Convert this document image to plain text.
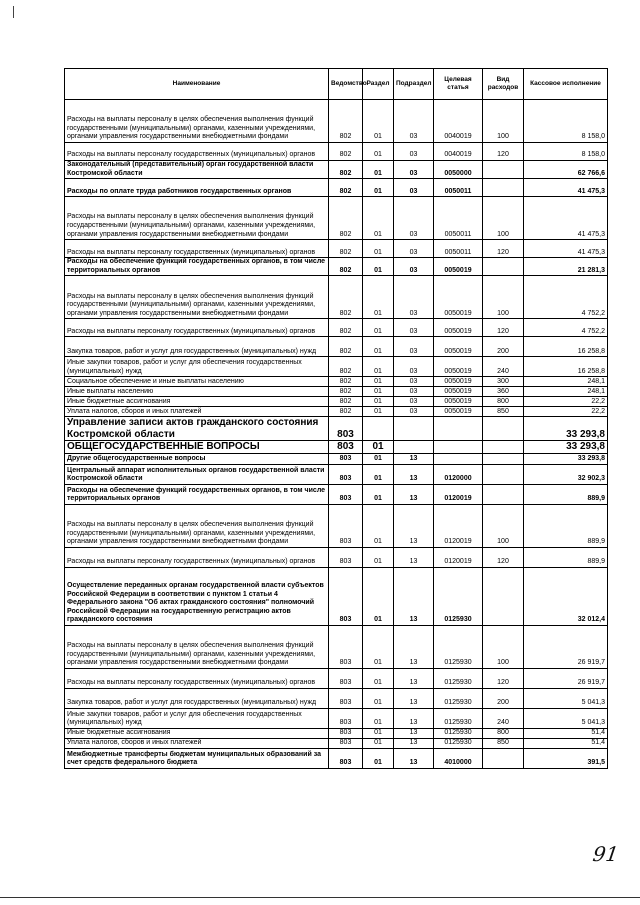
Наименование	Ведомство	Раздел	Подраздел	Целевая статья	Вид расходов	Кассовое исполнение
Расходы на выплаты персоналу в целях обеспечения выполнения функций государственными (муниципальными) органами, казенными учреждениями, органами управления государственными внебюджетными фондами	802	01	03	0040019	100	8 158,0
Расходы на выплаты персоналу государственных (муниципальных) органов	802	01	03	0040019	120	8 158,0
Законодательный (представительный) орган государственной власти Костромской области	802	01	03	0050000		62 766,6
Расходы по оплате труда работников государственных органов	802	01	03	0050011		41 475,3
Расходы на выплаты персоналу в целях обеспечения выполнения функций государственными (муниципальными) органами, казенными учреждениями, органами управления государственными внебюджетными фондами	802	01	03	0050011	100	41 475,3
Расходы на выплаты персоналу государственных (муниципальных) органов	802	01	03	0050011	120	41 475,3
Расходы на обеспечение функций государственных органов, в том числе территориальных органов	802	01	03	0050019		21 281,3
Расходы на выплаты персоналу в целях обеспечения выполнения функций государственными (муниципальными) органами, казенными учреждениями, органами управления государственными внебюджетными фондами	802	01	03	0050019	100	4 752,2
Расходы на выплаты персоналу государственных (муниципальных) органов	802	01	03	0050019	120	4 752,2
Закупка товаров, работ и услуг для государственных (муниципальных) нужд	802	01	03	0050019	200	16 258,8
Иные закупки товаров, работ и услуг для обеспечения государственных (муниципальных) нужд	802	01	03	0050019	240	16 258,8
Социальное обеспечение и иные выплаты населению	802	01	03	0050019	300	248,1
Иные выплаты населению	802	01	03	0050019	360	248,1
Иные бюджетные ассигнования	802	01	03	0050019	800	22,2
Уплата налогов, сборов и иных платежей	802	01	03	0050019	850	22,2
Управление записи актов гражданского состояния Костромской области	803					33 293,8
ОБЩЕГОСУДАРСТВЕННЫЕ ВОПРОСЫ	803	01				33 293,8
Другие общегосударственные вопросы	803	01	13			33 293,8
Центральный аппарат исполнительных органов государственной власти Костромской области	803	01	13	0120000		32 902,3
Расходы на обеспечение функций государственных органов, в том числе территориальных органов	803	01	13	0120019		889,9
Расходы на выплаты персоналу в целях обеспечения выполнения функций государственными (муниципальными) органами, казенными учреждениями, органами управления государственными внебюджетными фондами	803	01	13	0120019	100	889,9
Расходы на выплаты персоналу государственных (муниципальных) органов	803	01	13	0120019	120	889,9
Осуществление переданных органам государственной власти субъектов Российской Федерации в соответствии с пунктом 1 статьи 4 Федерального закона "Об актах гражданского состояния" полномочий Российской Федерации на государственную регистрацию актов гражданского состояния	803	01	13	0125930		32 012,4
Расходы на выплаты персоналу в целях обеспечения выполнения функций государственными (муниципальными) органами, казенными учреждениями, органами управления государственными внебюджетными фондами	803	01	13	0125930	100	26 919,7
Расходы на выплаты персоналу государственных (муниципальных) органов	803	01	13	0125930	120	26 919,7
Закупка товаров, работ и услуг для государственных (муниципальных) нужд	803	01	13	0125930	200	5 041,3
Иные закупки товаров, работ и услуг для обеспечения государственных (муниципальных) нужд	803	01	13	0125930	240	5 041,3
Иные бюджетные ассигнования	803	01	13	0125930	800	51,4
Уплата налогов, сборов и иных платежей	803	01	13	0125930	850	51,4
Межбюджетные трансферты бюджетам муниципальных образований за счет средств федерального бюджета	803	01	13	4010000		391,5
91
